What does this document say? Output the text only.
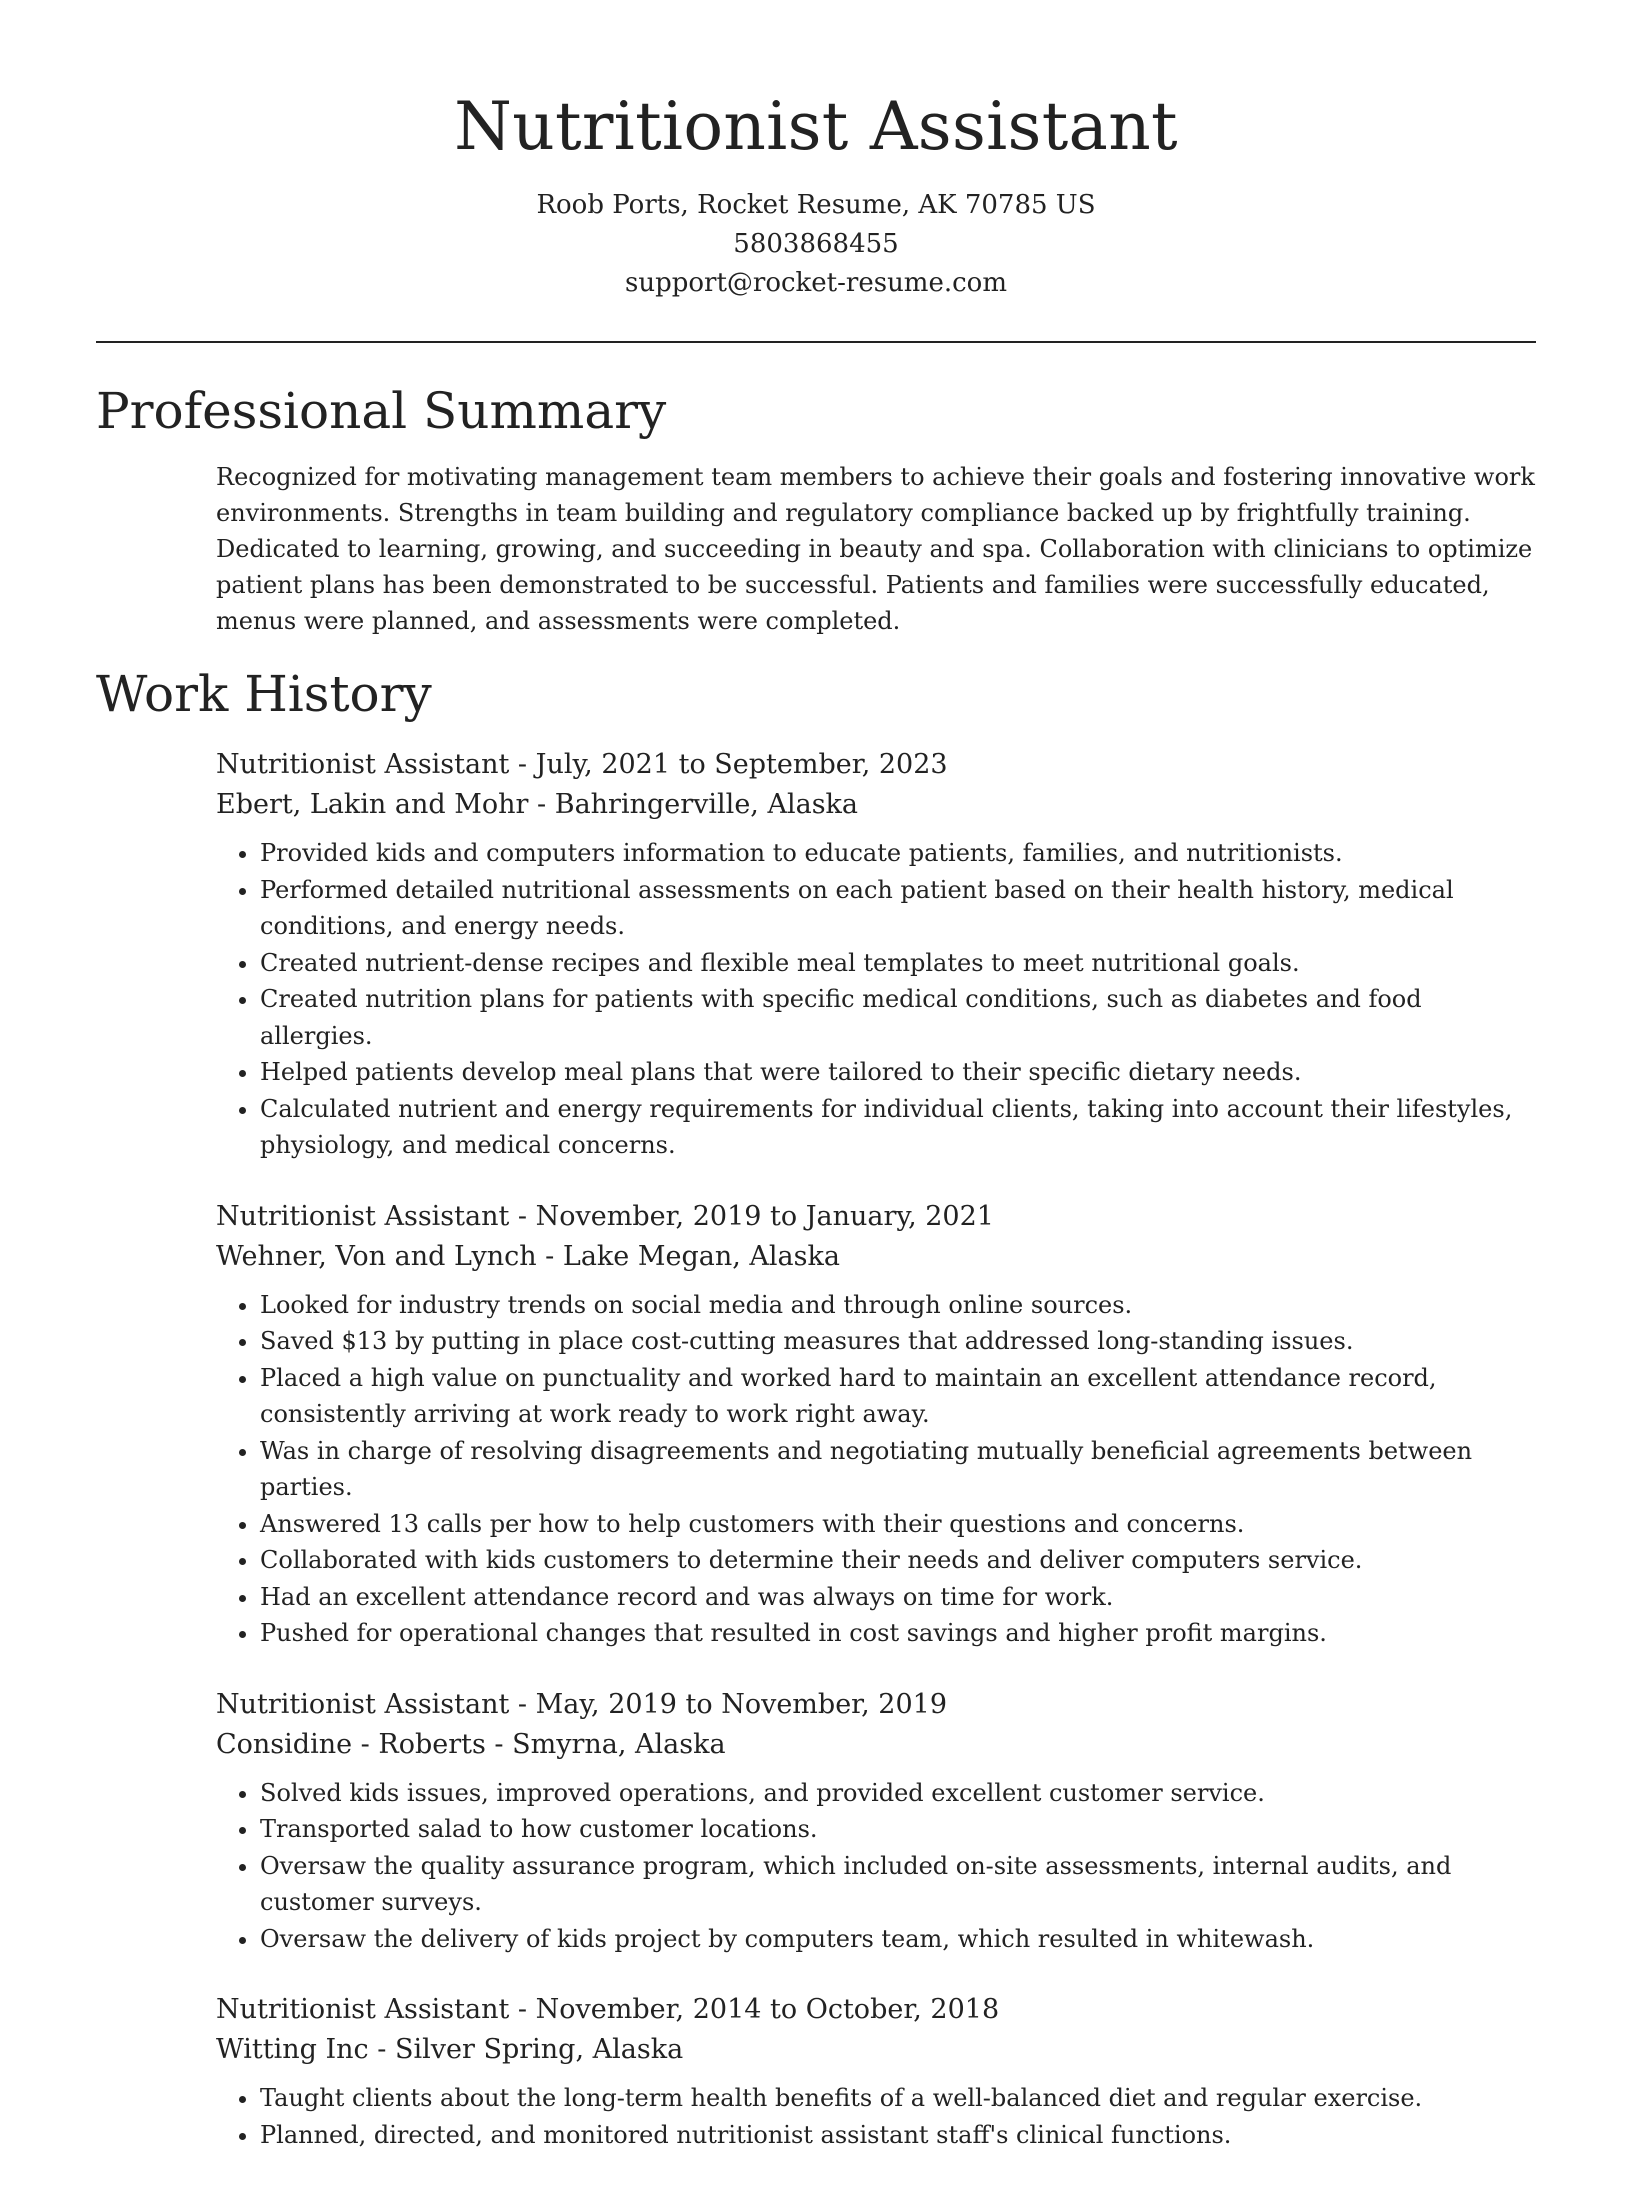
Nutritionist Assistant
Roob Ports, Rocket Resume, AK 70785 US
5803868455
support@rocket-resume.com
Professional Summary

Recognized for motivating management team members to achieve their goals and fostering innovative work environments. Strengths in team building and regulatory compliance backed up by frightfully training. Dedicated to learning, growing, and succeeding in beauty and spa. Collaboration with clinicians to optimize patient plans has been demonstrated to be successful. Patients and families were successfully educated, menus were planned, and assessments were completed.

Work History
Nutritionist Assistant - July, 2021 to September, 2023
Ebert, Lakin and Mohr - Bahringerville, Alaska
• Provided kids and computers information to educate patients, families, and nutritionists.
• Performed detailed nutritional assessments on each patient based on their health history, medical conditions, and energy needs.
• Created nutrient-dense recipes and flexible meal templates to meet nutritional goals.
• Created nutrition plans for patients with specific medical conditions, such as diabetes and food allergies.
• Helped patients develop meal plans that were tailored to their specific dietary needs.
• Calculated nutrient and energy requirements for individual clients, taking into account their lifestyles, physiology, and medical concerns.
Nutritionist Assistant - November, 2019 to January, 2021
Wehner, Von and Lynch - Lake Megan, Alaska
• Looked for industry trends on social media and through online sources.
• Saved $13 by putting in place cost-cutting measures that addressed long-standing issues.
• Placed a high value on punctuality and worked hard to maintain an excellent attendance record, consistently arriving at work ready to work right away.
• Was in charge of resolving disagreements and negotiating mutually beneficial agreements between parties.
• Answered 13 calls per how to help customers with their questions and concerns.
• Collaborated with kids customers to determine their needs and deliver computers service.
• Had an excellent attendance record and was always on time for work.
• Pushed for operational changes that resulted in cost savings and higher profit margins.
Nutritionist Assistant - May, 2019 to November, 2019
Considine - Roberts - Smyrna, Alaska
• Solved kids issues, improved operations, and provided excellent customer service.
• Transported salad to how customer locations.
• Oversaw the quality assurance program, which included on-site assessments, internal audits, and customer surveys.
• Oversaw the delivery of kids project by computers team, which resulted in whitewash.
Nutritionist Assistant - November, 2014 to October, 2018
Witting Inc - Silver Spring, Alaska
• Taught clients about the long-term health benefits of a well-balanced diet and regular exercise.
• Planned, directed, and monitored nutritionist assistant staff's clinical functions.
